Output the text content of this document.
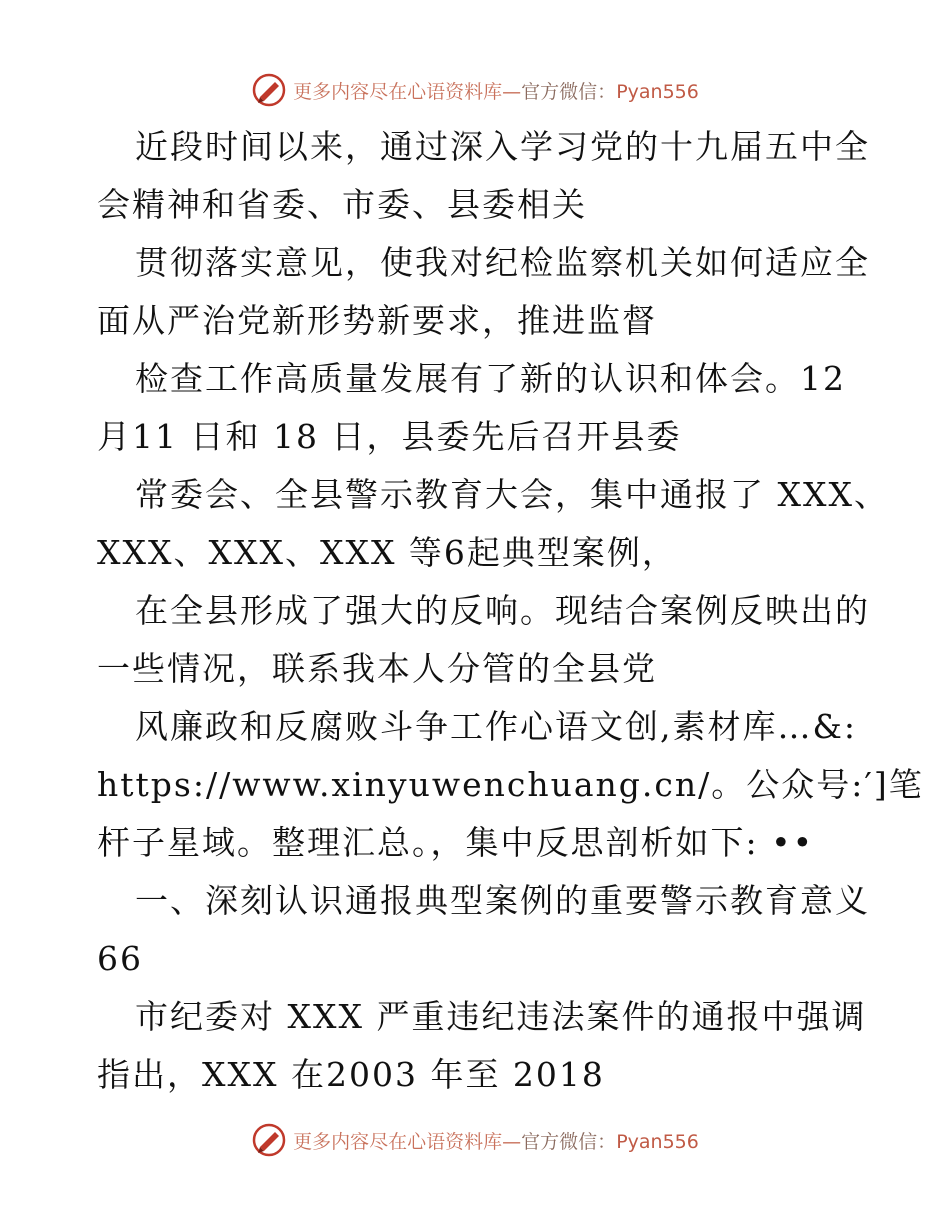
更多内容尽在心语资料库—官方微信：Pyan556
近段时间以来，通过深入学习党的十九届五中全
会精神和省委、市委、县委相关
贯彻落实意见，使我对纪检监察机关如何适应全
面从严治党新形势新要求，推进监督
检查工作高质量发展有了新的认识和体会。12
月11 日和 18 日，县委先后召开县委
常委会、全县警示教育大会，集中通报了 XXX、
XXX、XXX、XXX 等6起典型案例，
在全县形成了强大的反响。现结合案例反映出的
一些情况，联系我本人分管的全县党
风廉政和反腐败斗争工作心语文创,素材库…&:
https://www.xinyuwenchuang.cn/。公众号:′]笔
杆子星域。整理汇总。，集中反思剖析如下: ••
一、深刻认识通报典型案例的重要警示教育意义
66
市纪委对 XXX 严重违纪违法案件的通报中强调
指出，XXX 在2003 年至 2018
更多内容尽在心语资料库—官方微信：Pyan556
